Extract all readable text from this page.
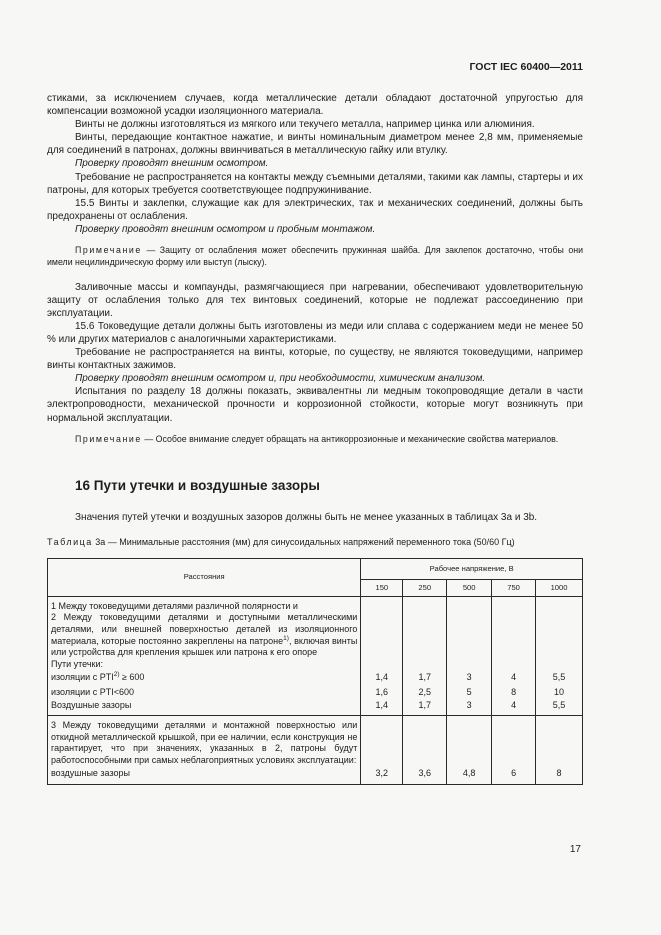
ГОСТ IEC 60400—2011

стиками, за исключением случаев, когда металлические детали обладают достаточной упругостью для компенсации возможной усадки изоляционного материала.

Винты не должны изготовляться из мягкого или текучего металла, например цинка или алюминия.

Винты, передающие контактное нажатие, и винты номинальным диаметром менее 2,8 мм, применяемые для соединений в патронах, должны ввинчиваться в металлическую гайку или втулку.

Проверку проводят внешним осмотром.

Требование не распространяется на контакты между съемными деталями, такими как лампы, стартеры и их патроны, для которых требуется соответствующее подпружинивание.

15.5 Винты и заклепки, служащие как для электрических, так и механических соединений, должны быть предохранены от ослабления.

Проверку проводят внешним осмотром и пробным монтажом.

Примечание — Защиту от ослабления может обеспечить пружинная шайба. Для заклепок достаточно, чтобы они имели нецилиндрическую форму или выступ (лыску).

Заливочные массы и компаунды, размягчающиеся при нагревании, обеспечивают удовлетворительную защиту от ослабления только для тех винтовых соединений, которые не подлежат рассоединению при эксплуатации.

15.6 Токоведущие детали должны быть изготовлены из меди или сплава с содержанием меди не менее 50 % или других материалов с аналогичными характеристиками.

Требование не распространяется на винты, которые, по существу, не являются токоведущими, например винты контактных зажимов.

Проверку проводят внешним осмотром и, при необходимости, химическим анализом.

Испытания по разделу 18 должны показать, эквивалентны ли медным токопроводящие детали в части электропроводности, механической прочности и коррозионной стойкости, которые могут возникнуть при нормальной эксплуатации.

Примечание — Особое внимание следует обращать на антикоррозионные и механические свойства материалов.

16 Пути утечки и воздушные зазоры

Значения путей утечки и воздушных зазоров должны быть не менее указанных в таблицах 3а и 3b.

Таблица 3а — Минимальные расстояния (мм) для синусоидальных напряжений переменного тока (50/60 Гц)
Расстояния	Рабочее напряжение, В				
	150	250	500	750	1000

1 Между токоведущими деталями различной полярности и
2 Между токоведущими деталями и доступными металлическими деталями, или внешней поверхностью деталей из изоляционного материала, которые постоянно закреплены на патроне$^{1)}$, включая винты или устройства для крепления крышек или патрона к его опоре
Пути утечки:					

изоляции с $PTI^{2)} \ge 600$	1,4	1,7	3	4	5,5
изоляции с PTI<600	1,6	2,5	5	8	10
Воздушные зазоры	1,4	1,7	3	4	5,5
3 Между токоведущими деталями и монтажной поверхностью или откидной металлической крышкой, при ее наличии, если конструкция не гарантирует, что при значениях, указанных в 2, патроны будут работоспособными при самых неблагоприятных условиях эксплуатации:					
воздушные зазоры	3,2	3,6	4,8	6	8
17
